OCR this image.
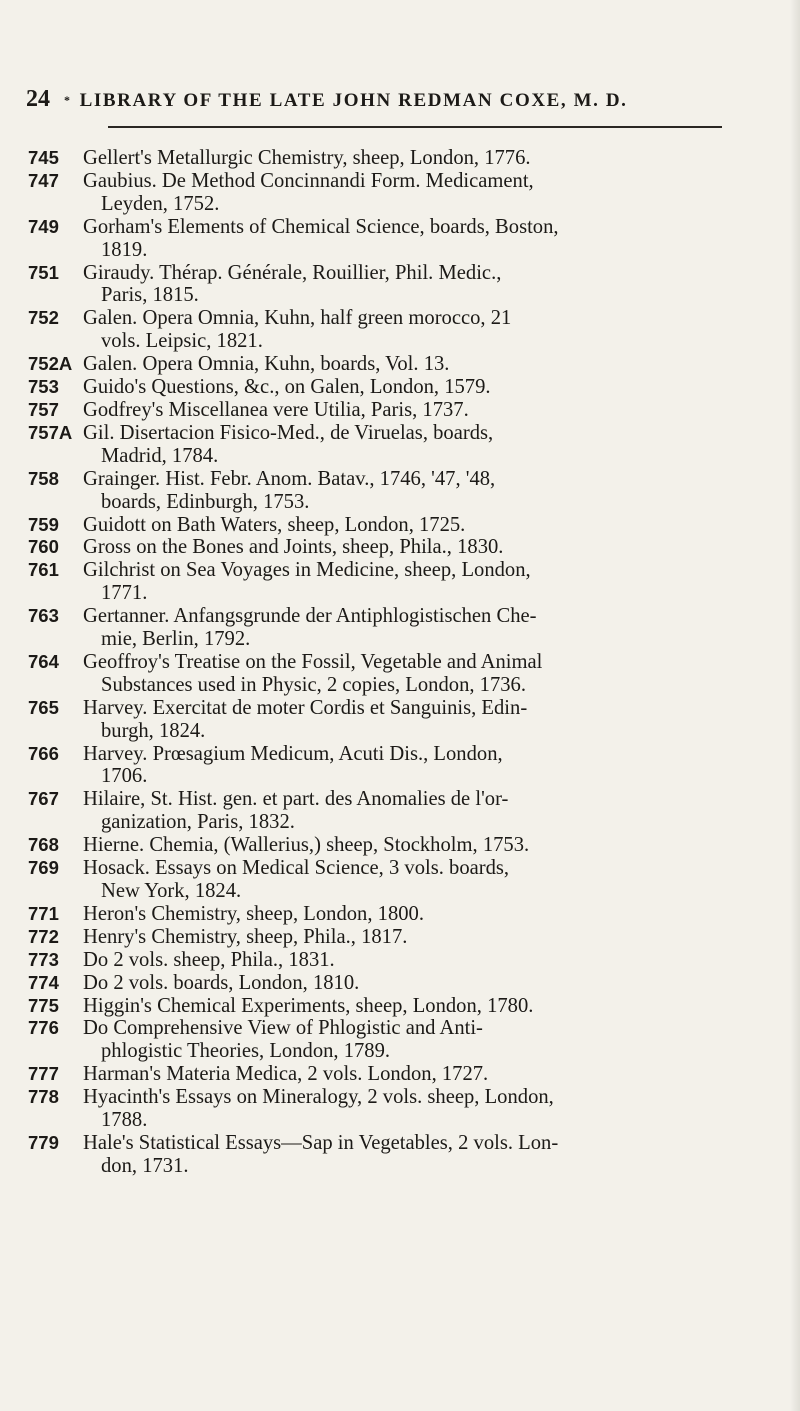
24 * LIBRARY OF THE LATE JOHN REDMAN COXE, M. D.
745	Gellert's Metallurgic Chemistry, sheep, London, 1776.
747	Gaubius. De Method Concinnandi Form. Medicament,
Leyden, 1752.
749	Gorham's Elements of Chemical Science, boards, Boston,
1819.
751	Giraudy. Thérap. Générale, Rouillier, Phil. Medic.,
Paris, 1815.
752	Galen. Opera Omnia, Kuhn, half green morocco, 21
vols. Leipsic, 1821.
752A Galen. Opera Omnia, Kuhn, boards, Vol. 13.
753	Guido's Questions, &c., on Galen, London, 1579.
757	Godfrey's Miscellanea vere Utilia, Paris, 1737.
757A Gil. Disertacion Fisico-Med., de Viruelas, boards,
Madrid, 1784.
758	Grainger. Hist. Febr. Anom. Batav., 1746, '47, '48,
boards, Edinburgh, 1753.
759	Guidott on Bath Waters, sheep, London, 1725.
760	Gross on the Bones and Joints, sheep, Phila., 1830.
761	Gilchrist on Sea Voyages in Medicine, sheep, London,
1771.
763	Gertanner. Anfangsgrunde der Antiphlogistischen Che-
mie, Berlin, 1792.
764	Geoffroy's Treatise on the Fossil, Vegetable and Animal
Substances used in Physic, 2 copies, London, 1736.
765	Harvey. Exercitat de moter Cordis et Sanguinis, Edin-
burgh, 1824.
766	Harvey. Prœsagium Medicum, Acuti Dis., London,
1706.
767	Hilaire, St. Hist. gen. et part. des Anomalies de l'or-
ganization, Paris, 1832.
768	Hierne. Chemia, (Wallerius,) sheep, Stockholm, 1753.
769	Hosack. Essays on Medical Science, 3 vols. boards,
New York, 1824.
771	Heron's Chemistry, sheep, London, 1800.
772	Henry's Chemistry, sheep, Phila., 1817.
773	Do 2 vols. sheep, Phila., 1831.
774	Do 2 vols. boards, London, 1810.
775	Higgin's Chemical Experiments, sheep, London, 1780.
776	Do Comprehensive View of Phlogistic and Anti-
phlogistic Theories, London, 1789.
777	Harman's Materia Medica, 2 vols. London, 1727.
778	Hyacinth's Essays on Mineralogy, 2 vols. sheep, London,
1788.
779	Hale's Statistical Essays—Sap in Vegetables, 2 vols. Lon-
don, 1731.
